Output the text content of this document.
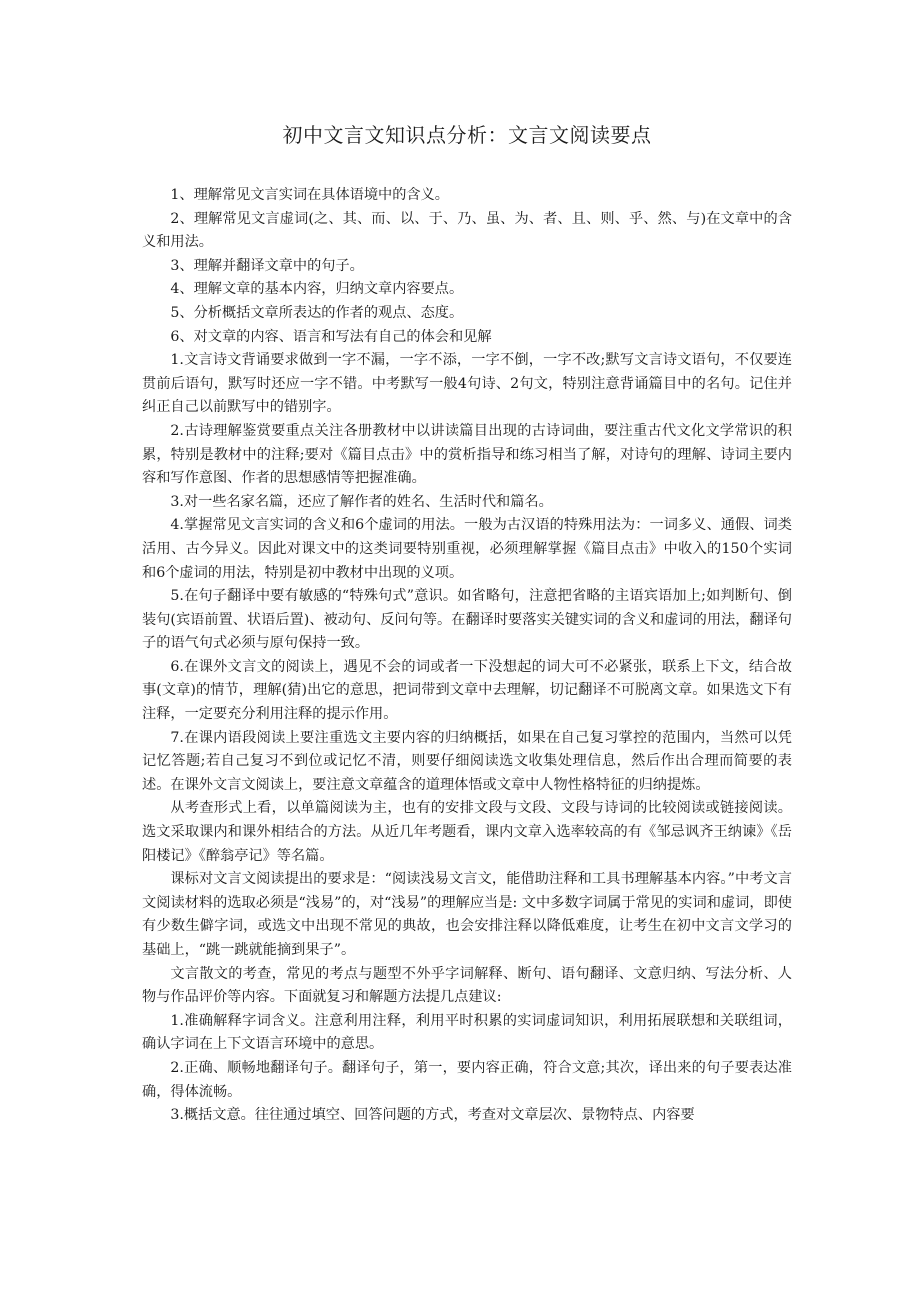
初中文言文知识点分析：文言文阅读要点

1、理解常见文言实词在具体语境中的含义。

2、理解常见文言虚词(之、其、而、以、于、乃、虽、为、者、且、则、乎、然、与)在文章中的含义和用法。

3、理解并翻译文章中的句子。

4、理解文章的基本内容，归纳文章内容要点。

5、分析概括文章所表达的作者的观点、态度。

6、对文章的内容、语言和写法有自己的体会和见解

1.文言诗文背诵要求做到一字不漏，一字不添，一字不倒，一字不改;默写文言诗文语句，不仅要连贯前后语句，默写时还应一字不错。中考默写一般4句诗、2句文，特别注意背诵篇目中的名句。记住并纠正自己以前默写中的错别字。

2.古诗理解鉴赏要重点关注各册教材中以讲读篇目出现的古诗词曲，要注重古代文化文学常识的积累，特别是教材中的注释;要对《篇目点击》中的赏析指导和练习相当了解，对诗句的理解、诗词主要内容和写作意图、作者的思想感情等把握准确。

3.对一些名家名篇，还应了解作者的姓名、生活时代和篇名。

4.掌握常见文言实词的含义和6个虚词的用法。一般为古汉语的特殊用法为：一词多义、通假、词类活用、古今异义。因此对课文中的这类词要特别重视，必须理解掌握《篇目点击》中收入的150个实词和6个虚词的用法，特别是初中教材中出现的义项。

5.在句子翻译中要有敏感的“特殊句式”意识。如省略句，注意把省略的主语宾语加上;如判断句、倒装句(宾语前置、状语后置)、被动句、反问句等。在翻译时要落实关键实词的含义和虚词的用法，翻译句子的语气句式必须与原句保持一致。

6.在课外文言文的阅读上，遇见不会的词或者一下没想起的词大可不必紧张，联系上下文，结合故事(文章)的情节，理解(猜)出它的意思，把词带到文章中去理解，切记翻译不可脱离文章。如果选文下有注释，一定要充分利用注释的提示作用。

7.在课内语段阅读上要注重选文主要内容的归纳概括，如果在自己复习掌控的范围内，当然可以凭记忆答题;若自己复习不到位或记忆不清，则要仔细阅读选文收集处理信息，然后作出合理而简要的表述。在课外文言文阅读上，要注意文章蕴含的道理体悟或文章中人物性格特征的归纳提炼。

从考查形式上看，以单篇阅读为主，也有的安排文段与文段、文段与诗词的比较阅读或链接阅读。选文采取课内和课外相结合的方法。从近几年考题看，课内文章入选率较高的有《邹忌讽齐王纳谏》《岳阳楼记》《醉翁亭记》等名篇。

课标对文言文阅读提出的要求是：“阅读浅易文言文，能借助注释和工具书理解基本内容。”中考文言文阅读材料的选取必须是“浅易”的，对“浅易”的理解应当是: 文中多数字词属于常见的实词和虚词，即使有少数生僻字词，或选文中出现不常见的典故，也会安排注释以降低难度，让考生在初中文言文学习的基础上，“跳一跳就能摘到果子”。

文言散文的考查，常见的考点与题型不外乎字词解释、断句、语句翻译、文意归纳、写法分析、人物与作品评价等内容。下面就复习和解题方法提几点建议:

1.准确解释字词含义。注意利用注释，利用平时积累的实词虚词知识，利用拓展联想和关联组词，确认字词在上下文语言环境中的意思。

2.正确、顺畅地翻译句子。翻译句子，第一，要内容正确，符合文意;其次，译出来的句子要表达准确，得体流畅。

3.概括文意。往往通过填空、回答问题的方式，考查对文章层次、景物特点、内容要
